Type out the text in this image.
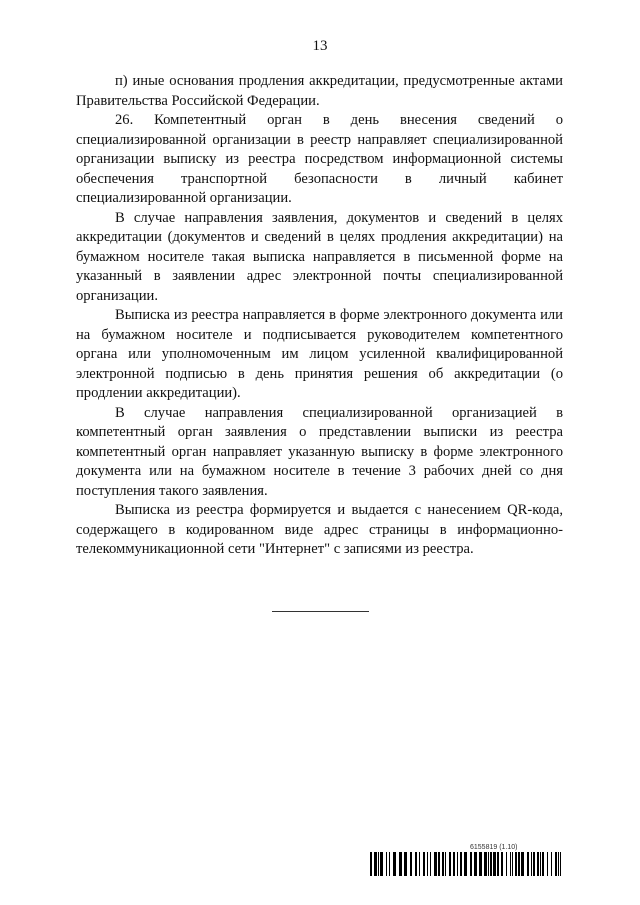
13

п) иные основания продления аккредитации, предусмотренные актами Правительства Российской Федерации.

26. Компетентный орган в день внесения сведений о специализированной организации в реестр направляет специализированной организации выписку из реестра посредством информационной системы обеспечения транспортной безопасности в личный кабинет специализированной организации.

В случае направления заявления, документов и сведений в целях аккредитации (документов и сведений в целях продления аккредитации) на бумажном носителе такая выписка направляется в письменной форме на указанный в заявлении адрес электронной почты специализированной организации.

Выписка из реестра направляется в форме электронного документа или на бумажном носителе и подписывается руководителем компетентного органа или уполномоченным им лицом усиленной квалифицированной электронной подписью в день принятия решения об аккредитации (о продлении аккредитации).

В случае направления специализированной организацией в компетентный орган заявления о представлении выписки из реестра компетентный орган направляет указанную выписку в форме электронного документа или на бумажном носителе в течение 3 рабочих дней со дня поступления такого заявления.

Выписка из реестра формируется и выдается с нанесением QR-кода, содержащего в кодированном виде адрес страницы в информационно-телекоммуникационной сети "Интернет" с записями из реестра.

6155819 (1.10)
